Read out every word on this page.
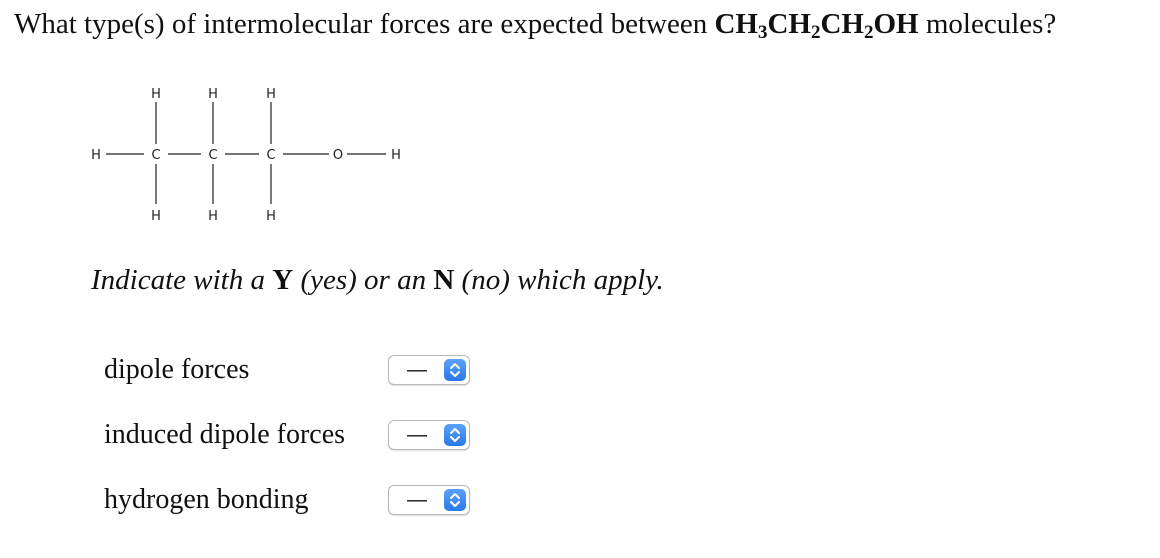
What type(s) of intermolecular forces are expected between $CH_3CH_2CH_2OH$ molecules?
H	H	H
H	C	C	C	O	H
H	H	H
Indicate with a Y (yes) or an N (no) which apply.
dipole forces	—
induced dipole forces	—
hydrogen bonding	—
